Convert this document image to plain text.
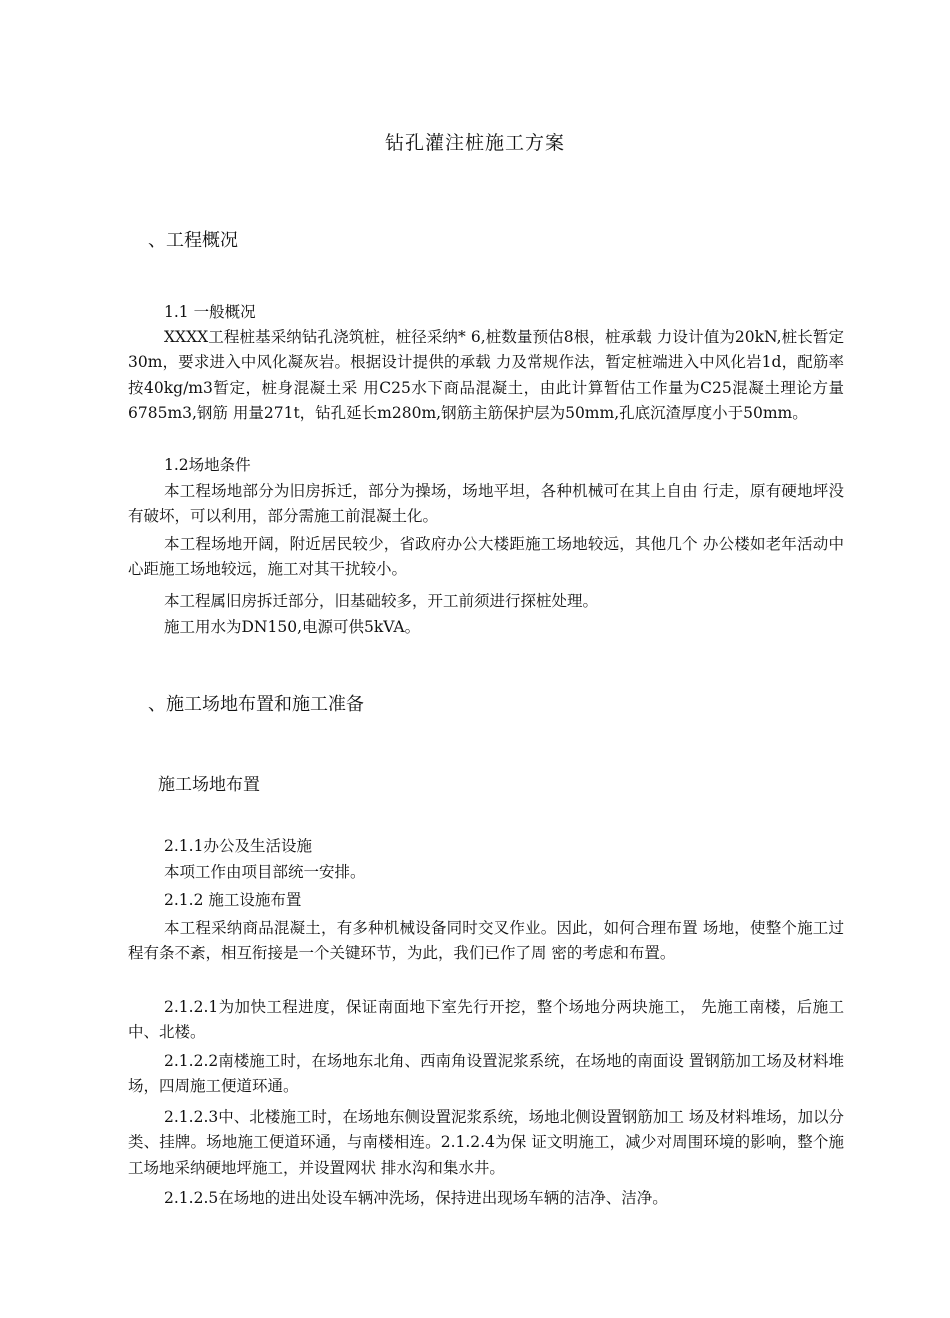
钻孔灌注桩施工方案
、工程概况
1.1 一般概况
XXXX工程桩基采纳钻孔浇筑桩，桩径采纳* 6,桩数量预估8根，桩承载 力设计值为20kN,桩长暂定30m，要求进入中风化凝灰岩。根据设计提供的承载 力及常规作法，暂定桩端进入中风化岩1d，配筋率按40kg/m3暂定，桩身混凝土采 用C25水下商品混凝土，由此计算暂估工作量为C25混凝土理论方量6785m3,钢筋 用量271t，钻孔延长m280m,钢筋主筋保护层为50mm,孔底沉渣厚度小于50mm。
1.2场地条件
本工程场地部分为旧房拆迁，部分为操场，场地平坦，各种机械可在其上自由 行走，原有硬地坪没有破坏，可以利用，部分需施工前混凝土化。
本工程场地开阔，附近居民较少，省政府办公大楼距施工场地较远，其他几个 办公楼如老年活动中心距施工场地较远，施工对其干扰较小。
本工程属旧房拆迁部分，旧基础较多，开工前须进行探桩处理。
施工用水为DN150,电源可供5kVA。
、施工场地布置和施工准备
施工场地布置
2.1.1办公及生活设施
本项工作由项目部统一安排。
2.1.2 施工设施布置
本工程采纳商品混凝土，有多种机械设备同时交叉作业。因此，如何合理布置 场地，使整个施工过程有条不紊，相互衔接是一个关键环节，为此，我们已作了周 密的考虑和布置。
2.1.2.1为加快工程进度，保证南面地下室先行开挖，整个场地分两块施工， 先施工南楼，后施工中、北楼。
2.1.2.2南楼施工时，在场地东北角、西南角设置泥浆系统，在场地的南面设 置钢筋加工场及材料堆场，四周施工便道环通。
2.1.2.3中、北楼施工时，在场地东侧设置泥浆系统，场地北侧设置钢筋加工 场及材料堆场，加以分类、挂牌。场地施工便道环通，与南楼相连。2.1.2.4为保 证文明施工，减少对周围环境的影响，整个施工场地采纳硬地坪施工，并设置网状 排水沟和集水井。
2.1.2.5在场地的进出处设车辆冲洗场，保持进出现场车辆的洁净、洁净。
